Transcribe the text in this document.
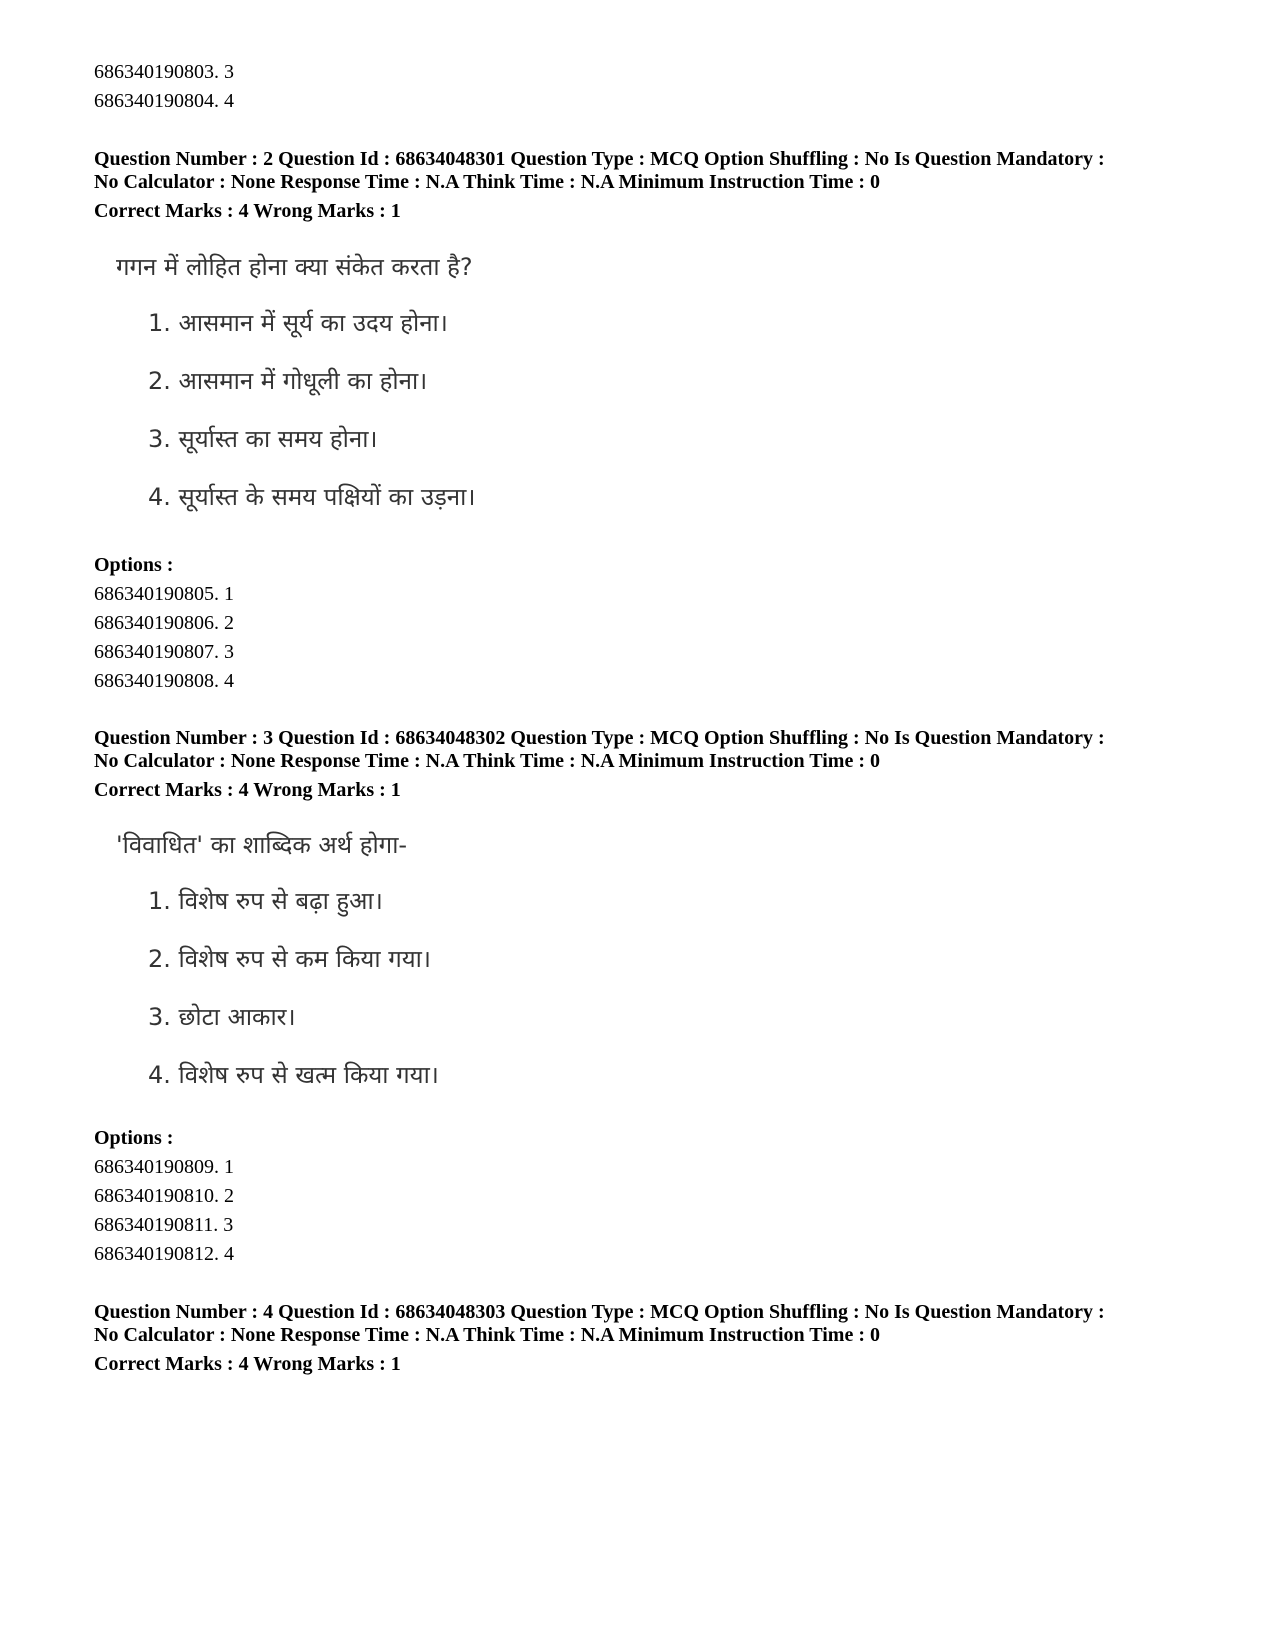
686340190803. 3
686340190804. 4
Question Number : 2 Question Id : 68634048301 Question Type : MCQ Option Shuffling : No Is Question Mandatory :
No Calculator : None Response Time : N.A Think Time : N.A Minimum Instruction Time : 0
Correct Marks : 4 Wrong Marks : 1
गगन में लोहित होना क्या संकेत करता है?
1. आसमान में सूर्य का उदय होना।
2. आसमान में गोधूली का होना।
3. सूर्यास्त का समय होना।
4. सूर्यास्त के समय पक्षियों का उड़ना।
Options :
686340190805. 1
686340190806. 2
686340190807. 3
686340190808. 4
Question Number : 3 Question Id : 68634048302 Question Type : MCQ Option Shuffling : No Is Question Mandatory :
No Calculator : None Response Time : N.A Think Time : N.A Minimum Instruction Time : 0
Correct Marks : 4 Wrong Marks : 1
'विवाधित' का शाब्दिक अर्थ होगा-
1. विशेष रुप से बढ़ा हुआ।
2. विशेष रुप से कम किया गया।
3. छोटा आकार।
4. विशेष रुप से खत्म किया गया।
Options :
686340190809. 1
686340190810. 2
686340190811. 3
686340190812. 4
Question Number : 4 Question Id : 68634048303 Question Type : MCQ Option Shuffling : No Is Question Mandatory :
No Calculator : None Response Time : N.A Think Time : N.A Minimum Instruction Time : 0
Correct Marks : 4 Wrong Marks : 1
